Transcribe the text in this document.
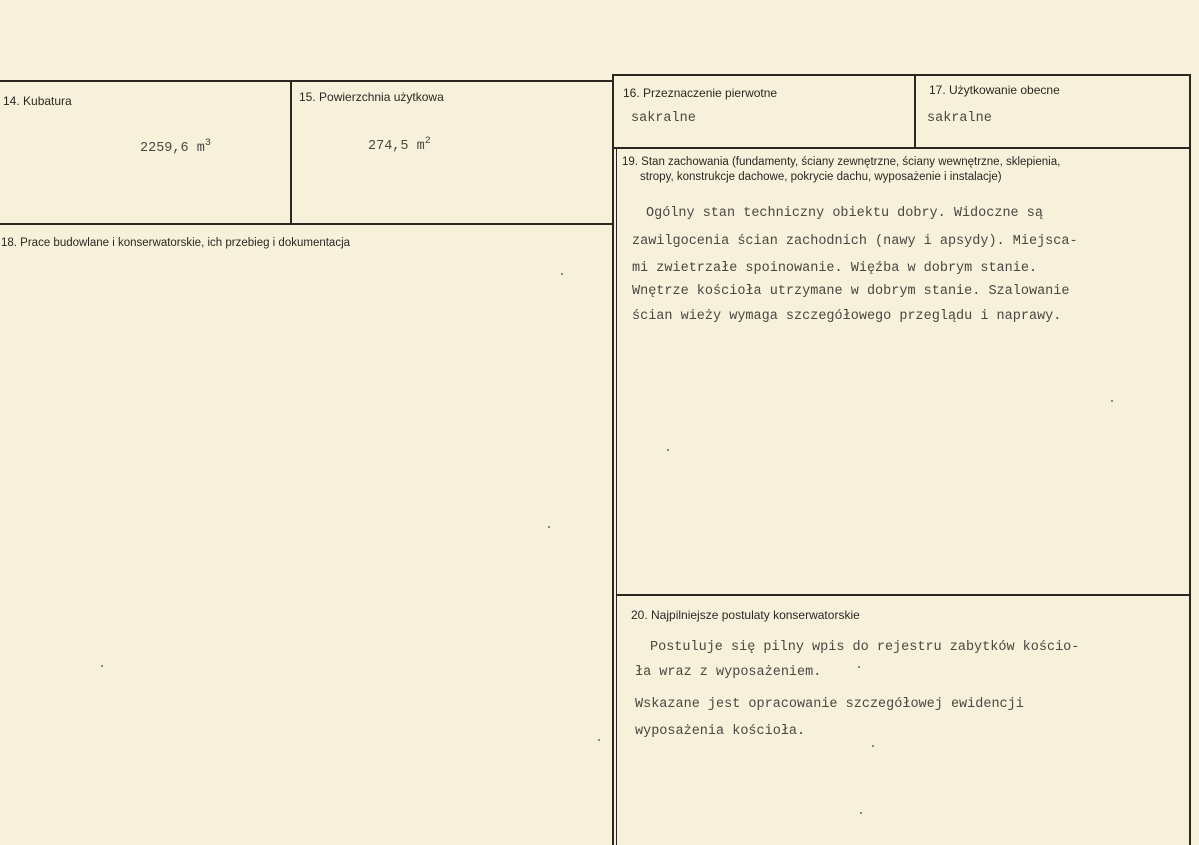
14. Kubatura
2259,6 $m^3$
15. Powierzchnia użytkowa
274,5 $m^2$
16. Przeznaczenie pierwotne
sakralne
17. Użytkowanie obecne
sakralne
18. Prace budowlane i konserwatorskie, ich przebieg i dokumentacja
19. Stan zachowania (fundamenty, ściany zewnętrzne, ściany wewnętrzne, sklepienia,
stropy, konstrukcje dachowe, pokrycie dachu, wyposażenie i instalacje)
Ogólny stan techniczny obiektu dobry. Widoczne są
zawilgocenia ścian zachodnich (nawy i apsydy). Miejsca-
mi zwietrzałe spoinowanie. Więźba w dobrym stanie.
Wnętrze kościoła utrzymane w dobrym stanie. Szalowanie
ścian wieży wymaga szczegółowego przeglądu i naprawy.
20. Najpilniejsze postulaty konserwatorskie
Postuluje się pilny wpis do rejestru zabytków kościo-
ła wraz z wyposażeniem.
Wskazane jest opracowanie szczegółowej ewidencji
wyposażenia kościoła.
